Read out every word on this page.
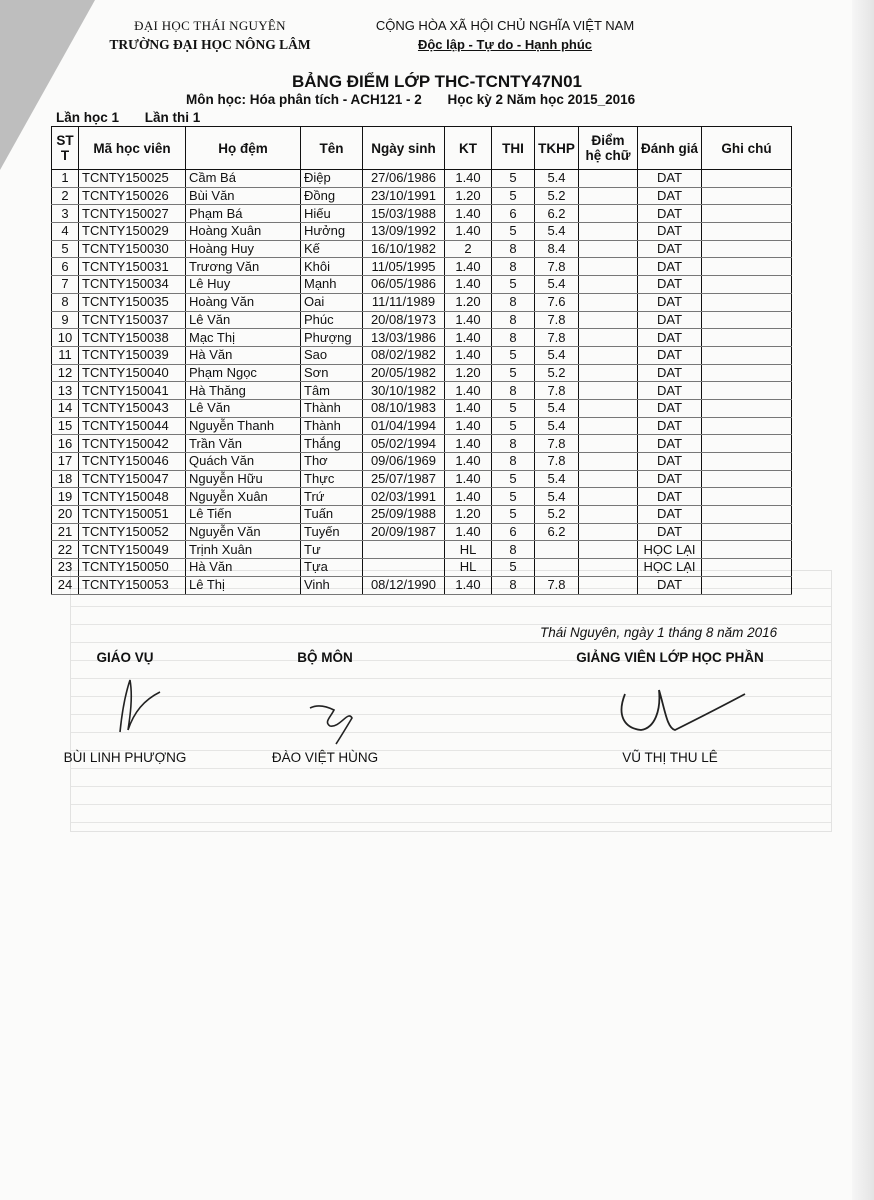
ĐẠI HỌC THÁI NGUYÊN
TRƯỜNG ĐẠI HỌC NÔNG LÂM
CỘNG HÒA XÃ HỘI CHỦ NGHĨA VIỆT NAM
Độc lập - Tự do - Hạnh phúc
BẢNG ĐIỂM LỚP THC-TCNTY47N01
Môn học: Hóa phân tích - ACH121 - 2 Học kỳ 2 Năm học 2015_2016
Lần học 1 Lần thi 1
ST T	Mã học viên	Họ đệm	Tên	Ngày sinh	KT	THI	TKHP	Điểm hệ chữ	Đánh giá	Ghi chú
1	TCNTY150025	Cầm Bá	Điệp	27/06/1986	1.40	5	5.4		DAT	
2	TCNTY150026	Bùi Văn	Đồng	23/10/1991	1.20	5	5.2		DAT	
3	TCNTY150027	Phạm Bá	Hiếu	15/03/1988	1.40	6	6.2		DAT	
4	TCNTY150029	Hoàng Xuân	Hưởng	13/09/1992	1.40	5	5.4		DAT	
5	TCNTY150030	Hoàng Huy	Kế	16/10/1982	2	8	8.4		DAT	
6	TCNTY150031	Trương Văn	Khôi	11/05/1995	1.40	8	7.8		DAT	
7	TCNTY150034	Lê Huy	Mạnh	06/05/1986	1.40	5	5.4		DAT	
8	TCNTY150035	Hoàng Văn	Oai	11/11/1989	1.20	8	7.6		DAT	
9	TCNTY150037	Lê Văn	Phúc	20/08/1973	1.40	8	7.8		DAT	
10	TCNTY150038	Mạc Thị	Phượng	13/03/1986	1.40	8	7.8		DAT	
11	TCNTY150039	Hà Văn	Sao	08/02/1982	1.40	5	5.4		DAT	
12	TCNTY150040	Phạm Ngọc	Sơn	20/05/1982	1.20	5	5.2		DAT	
13	TCNTY150041	Hà Thăng	Tâm	30/10/1982	1.40	8	7.8		DAT	
14	TCNTY150043	Lê Văn	Thành	08/10/1983	1.40	5	5.4		DAT	
15	TCNTY150044	Nguyễn Thanh	Thành	01/04/1994	1.40	5	5.4		DAT	
16	TCNTY150042	Trần Văn	Thắng	05/02/1994	1.40	8	7.8		DAT	
17	TCNTY150046	Quách Văn	Thơ	09/06/1969	1.40	8	7.8		DAT	
18	TCNTY150047	Nguyễn Hữu	Thực	25/07/1987	1.40	5	5.4		DAT	
19	TCNTY150048	Nguyễn Xuân	Trứ	02/03/1991	1.40	5	5.4		DAT	
20	TCNTY150051	Lê Tiến	Tuấn	25/09/1988	1.20	5	5.2		DAT	
21	TCNTY150052	Nguyễn Văn	Tuyến	20/09/1987	1.40	6	6.2		DAT	
22	TCNTY150049	Trịnh Xuân	Tư		HL	8			HỌC LẠI	
23	TCNTY150050	Hà Văn	Tựa		HL	5			HỌC LẠI	
24	TCNTY150053	Lê Thị	Vinh	08/12/1990	1.40	8	7.8		DAT	
Thái Nguyên, ngày 1 tháng 8 năm 2016
GIÁO VỤ
BÙI LINH PHƯỢNG
BỘ MÔN
ĐÀO VIỆT HÙNG
GIẢNG VIÊN LỚP HỌC PHẦN
VŨ THỊ THU LÊ
